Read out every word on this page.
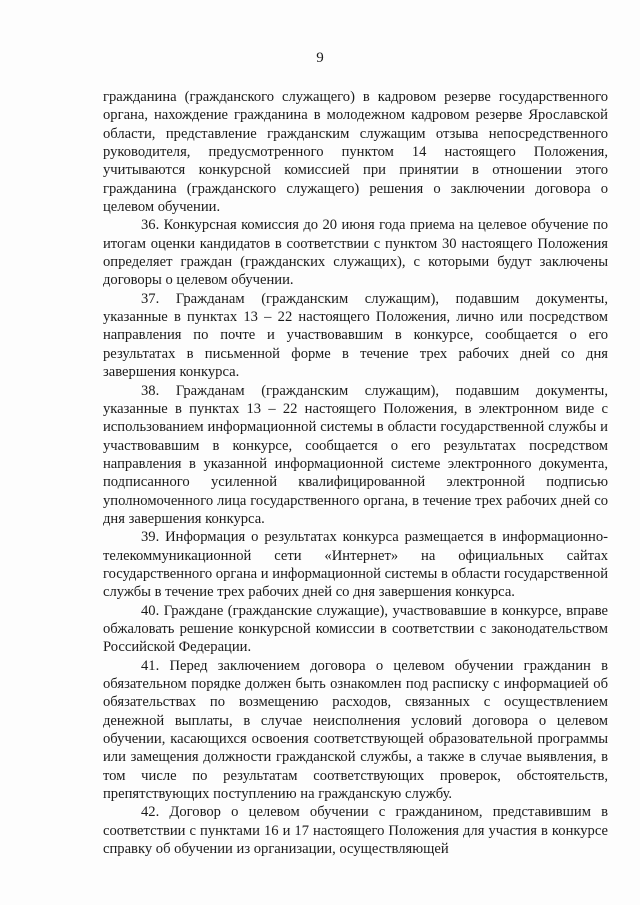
9

гражданина (гражданского служащего) в кадровом резерве государственного органа, нахождение гражданина в молодежном кадровом резерве Ярославской области, представление гражданским служащим отзыва непосредственного руководителя, предусмотренного пунктом 14 настоящего Положения, учитываются конкурсной комиссией при принятии в отношении этого гражданина (гражданского служащего) решения о заключении договора о целевом обучении.

36. Конкурсная комиссия до 20 июня года приема на целевое обучение по итогам оценки кандидатов в соответствии с пунктом 30 настоящего Положения определяет граждан (гражданских служащих), с которыми будут заключены договоры о целевом обучении.

37. Гражданам (гражданским служащим), подавшим документы, указанные в пунктах 13 – 22 настоящего Положения, лично или посредством направления по почте и участвовавшим в конкурсе, сообщается о его результатах в письменной форме в течение трех рабочих дней со дня завершения конкурса.

38. Гражданам (гражданским служащим), подавшим документы, указанные в пунктах 13 – 22 настоящего Положения, в электронном виде с использованием информационной системы в области государственной службы и участвовавшим в конкурсе, сообщается о его результатах посредством направления в указанной информационной системе электронного документа, подписанного усиленной квалифицированной электронной подписью уполномоченного лица государственного органа, в течение трех рабочих дней со дня завершения конкурса.

39. Информация о результатах конкурса размещается в информационно-телекоммуникационной сети «Интернет» на официальных сайтах государственного органа и информационной системы в области государственной службы в течение трех рабочих дней со дня завершения конкурса.

40. Граждане (гражданские служащие), участвовавшие в конкурсе, вправе обжаловать решение конкурсной комиссии в соответствии с законодательством Российской Федерации.

41. Перед заключением договора о целевом обучении гражданин в обязательном порядке должен быть ознакомлен под расписку с информацией об обязательствах по возмещению расходов, связанных с осуществлением денежной выплаты, в случае неисполнения условий договора о целевом обучении, касающихся освоения соответствующей образовательной программы или замещения должности гражданской службы, а также в случае выявления, в том числе по результатам соответствующих проверок, обстоятельств, препятствующих поступлению на гражданскую службу.

42. Договор о целевом обучении с гражданином, представившим в соответствии с пунктами 16 и 17 настоящего Положения для участия в конкурсе справку об обучении из организации, осуществляющей
